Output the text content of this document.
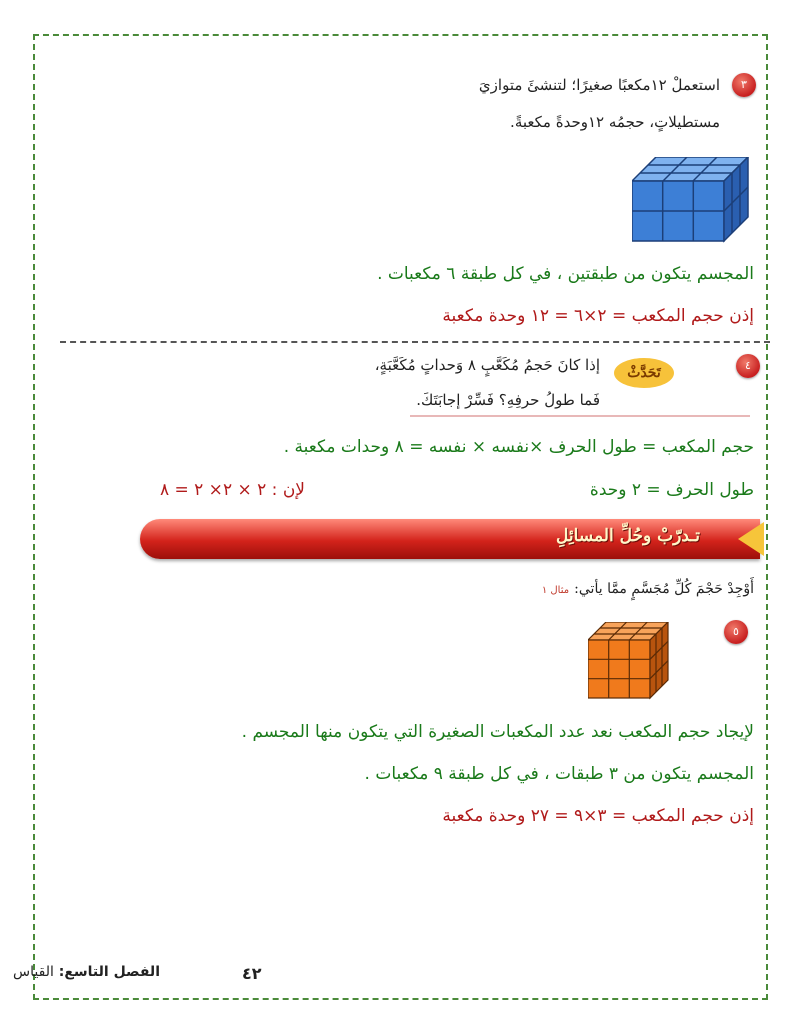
٣
استعملْ ١٢مكعبًا صغيرًا؛ لتنشئَ متوازيَ
مستطيلاتٍ، حجمُه ١٢وحدةً مكعبةً.
المجسم يتكون من طبقتين ، في كل طبقة ٦ مكعبات .
إذن حجم المكعب = ٢×٦ = ١٢ وحدة مكعبة
٤
تَحَدَّثْ
إذا كانَ حَجمُ مُكَعَّبٍ ٨ وَحداتٍ مُكَعَّبَةٍ،
فَما طولُ حرفِهِ؟ فَسِّرْ إجابَتَكَ.
حجم المكعب = طول الحرف ×نفسه × نفسه = ٨ وحدات مكعبة .
طول الحرف = ٢ وحدة
لإن : ٢ × ٢× ٢ = ٨
تـدرّبْ وحُلِّ المسائِلِ
أَوْجِدْ حَجْمَ كُلِّ مُجَسَّمٍ ممَّا يأتي: مثال ١
٥
لإيجاد حجم المكعب نعد عدد المكعبات الصغيرة التي يتكون منها المجسم .
المجسم يتكون من ٣ طبقات ، في كل طبقة ٩ مكعبات .
إذن حجم المكعب = ٣×٩ = ٢٧ وحدة مكعبة
٤٢
الفصل التاسع: القياس
